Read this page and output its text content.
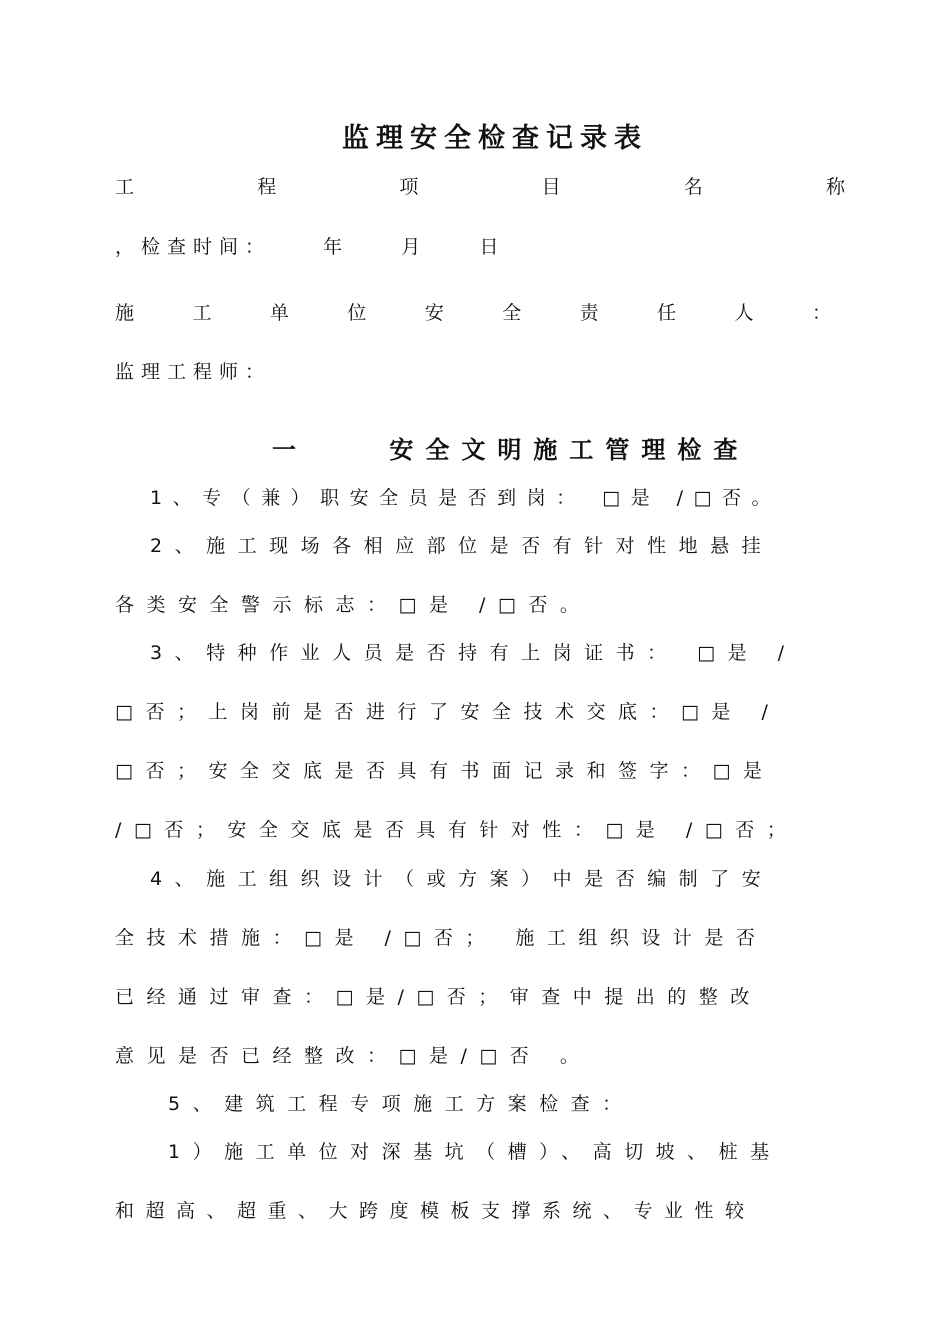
监理安全检查记录表
工	程	项	目	名	称
，检查时间：    年    月    日
施	工	单	位	安	全	责	任	人	：
监理工程师：
一    安全文明施工管理检查
1、专（兼）职安全员是否到岗： □是 /□否。
2、施工现场各相应部位是否有针对性地悬挂
各类安全警示标志：□是 /□否。
3、特种作业人员是否持有上岗证书： □是 /
□否；上岗前是否进行了安全技术交底：□是 /
□否；安全交底是否具有书面记录和签字：□是
/□否；安全交底是否具有针对性：□是 /□否；
4、施工组织设计（或方案）中是否编制了安
全技术措施：□是 /□否； 施工组织设计是否
已经通过审查：□是/□否；审查中提出的整改
意见是否已经整改：□是/□否 。
5、建筑工程专项施工方案检查：
1）施工单位对深基坑（槽）、高切坡、桩基
和超高、超重、大跨度模板支撑系统、专业性较
